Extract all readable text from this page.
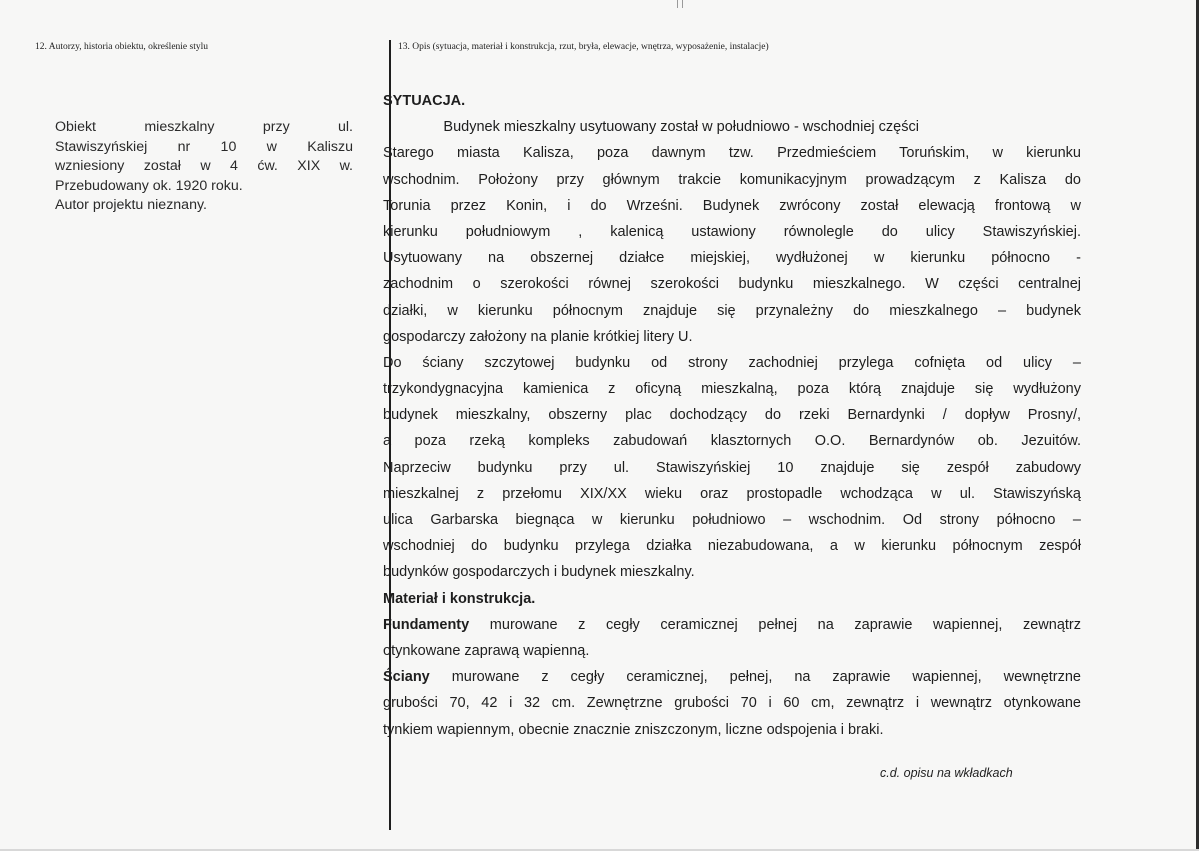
12. Autorzy, historia obiektu, określenie stylu	13. Opis (sytuacja, materiał i konstrukcja, rzut, bryła, elewacje, wnętrza, wyposażenie, instalacje)
Obiekt mieszkalny przy ul.
Stawiszyńskiej nr 10 w Kaliszu
wzniesiony został w 4 ćw. XIX w.
Przebudowany ok. 1920 roku.
Autor projektu nieznany.
SYTUACJA.
Budynek mieszkalny usytuowany został w południowo - wschodniej części
Starego miasta Kalisza, poza dawnym tzw. Przedmieściem Toruńskim, w kierunku
wschodnim. Położony przy głównym trakcie komunikacyjnym prowadzącym z Kalisza do
Torunia przez Konin, i do Wrześni. Budynek zwrócony został elewacją frontową w
kierunku południowym , kalenicą ustawiony równolegle do ulicy Stawiszyńskiej.
Usytuowany na obszernej działce miejskiej, wydłużonej w kierunku północno -
zachodnim o szerokości równej szerokości budynku mieszkalnego. W części centralnej
działki, w kierunku północnym znajduje się przynależny do mieszkalnego – budynek
gospodarczy założony na planie krótkiej litery U.
Do ściany szczytowej budynku od strony zachodniej przylega cofnięta od ulicy –
trzykondygnacyjna kamienica z oficyną mieszkalną, poza którą znajduje się wydłużony
budynek mieszkalny, obszerny plac dochodzący do rzeki Bernardynki / dopływ Prosny/,
a poza rzeką kompleks zabudowań klasztornych O.O. Bernardynów ob. Jezuitów.
Naprzeciw budynku przy ul. Stawiszyńskiej 10 znajduje się zespół zabudowy
mieszkalnej z przełomu XIX/XX wieku oraz prostopadle wchodząca w ul. Stawiszyńską
ulica Garbarska biegnąca w kierunku południowo – wschodnim. Od strony północno –
wschodniej do budynku przylega działka niezabudowana, a w kierunku północnym zespół
budynków gospodarczych i budynek mieszkalny.
Materiał i konstrukcja.
Fundamenty murowane z cegły ceramicznej pełnej na zaprawie wapiennej, zewnątrz
otynkowane zaprawą wapienną.
Ściany murowane z cegły ceramicznej, pełnej, na zaprawie wapiennej, wewnętrzne
grubości 70, 42 i 32 cm. Zewnętrzne grubości 70 i 60 cm, zewnątrz i wewnątrz otynkowane
tynkiem wapiennym, obecnie znacznie zniszczonym, liczne odspojenia i braki.
c.d. opisu na wkładkach
